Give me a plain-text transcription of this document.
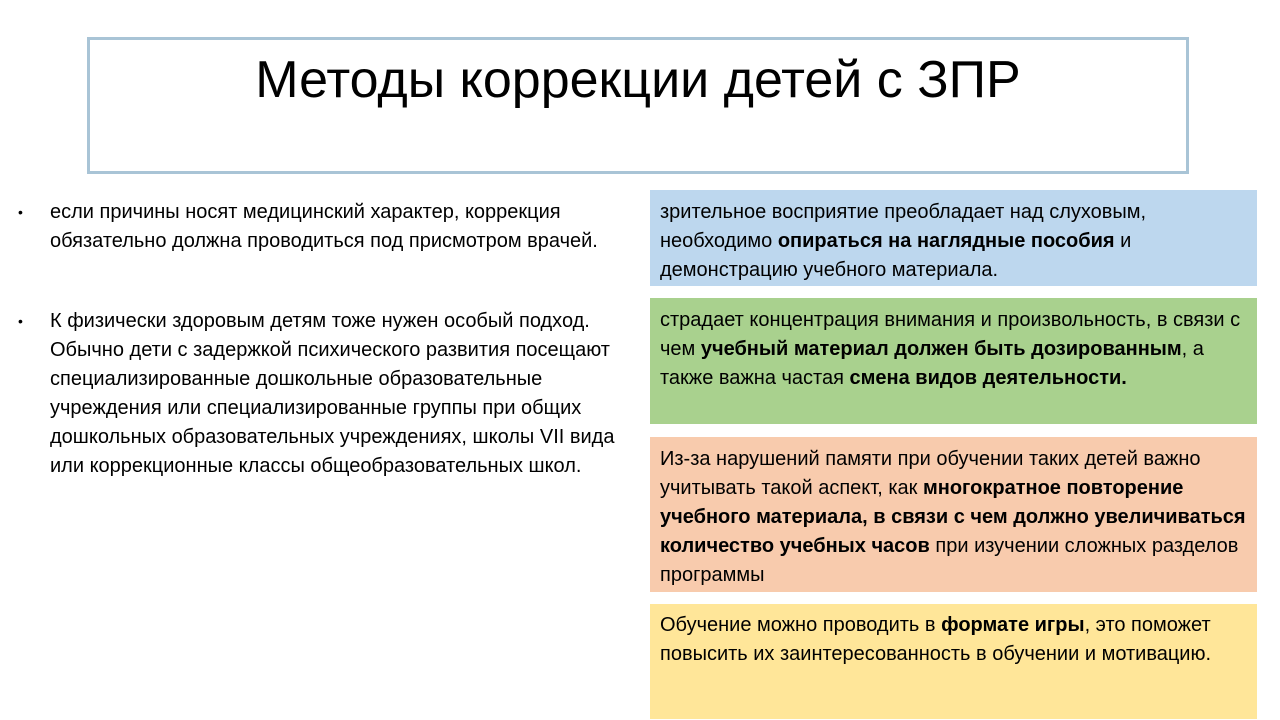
Методы коррекции детей с ЗПР
• если причины носят медицинский характер, коррекция обязательно должна проводиться под присмотром врачей.
• К физически здоровым детям тоже нужен особый подход. Обычно дети с задержкой психического развития посещают специализированные дошкольные образовательные учреждения или специализированные группы при общих дошкольных образовательных учреждениях, школы VII вида или коррекционные классы общеобразовательных школ.
зрительное восприятие преобладает над слуховым, необходимо опираться на наглядные пособия и демонстрацию учебного материала.
страдает концентрация внимания и произвольность, в связи с чем учебный материал должен быть дозированным, а также важна частая смена видов деятельности.
Из-за нарушений памяти при обучении таких детей важно учитывать такой аспект, как многократное повторение учебного материала, в связи с чем должно увеличиваться количество учебных часов при изучении сложных разделов программы
Обучение можно проводить в формате игры, это поможет повысить их заинтересованность в обучении и мотивацию.
